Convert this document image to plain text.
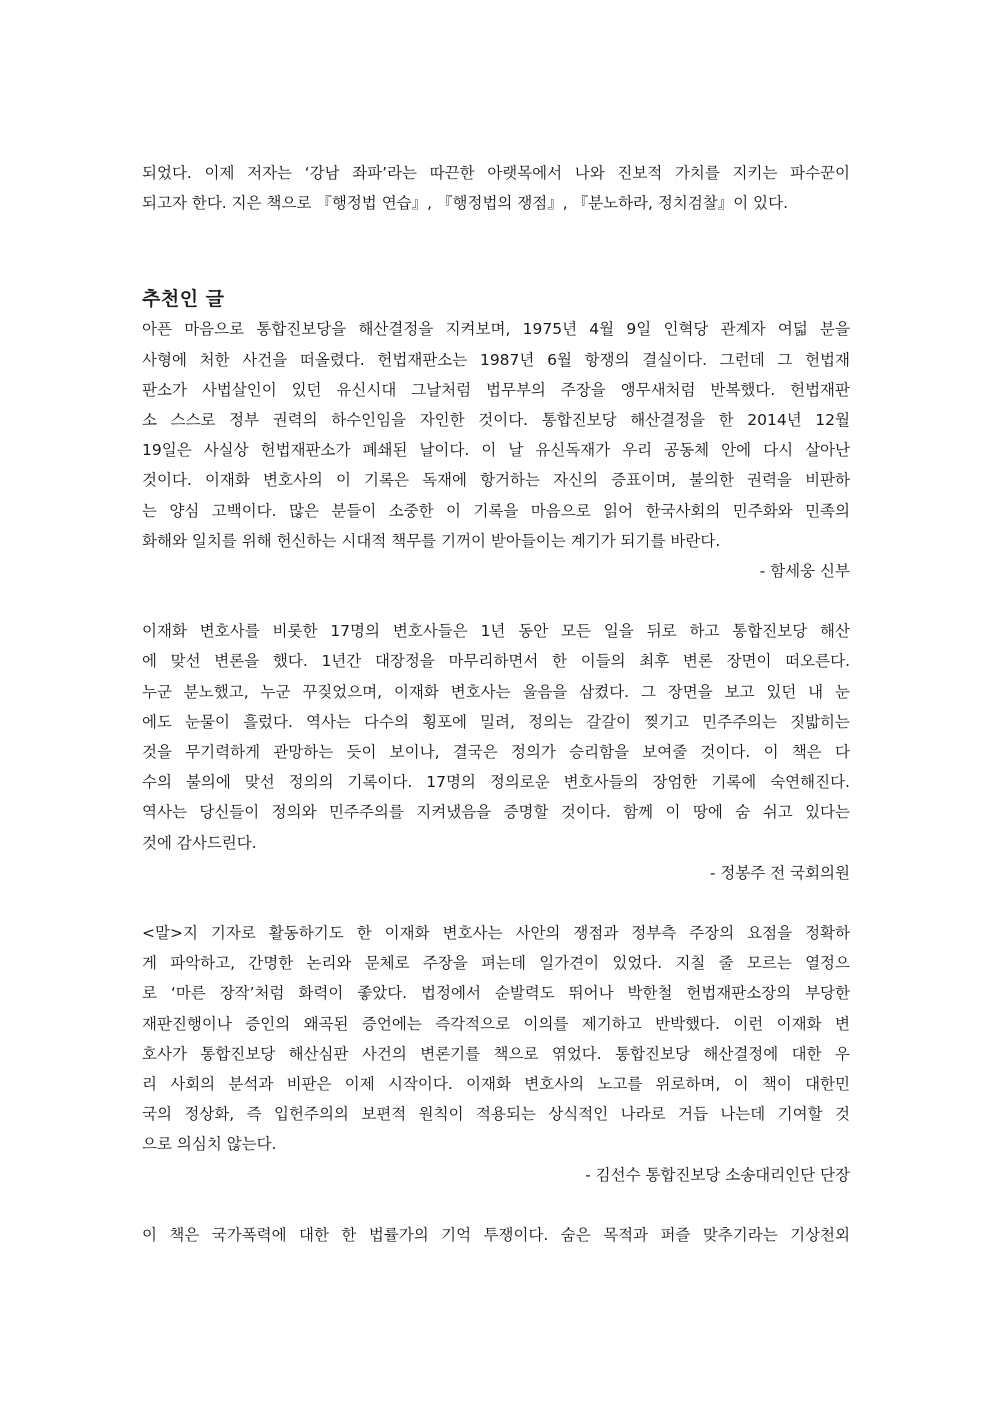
되었다. 이제 저자는 ‘강남 좌파’라는 따끈한 아랫목에서 나와 진보적 가치를 지키는 파수꾼이
되고자 한다. 지은 책으로 『행정법 연습』, 『행정법의 쟁점』, 『분노하라, 정치검찰』이 있다.

추천인 글

아픈 마음으로 통합진보당을 해산결정을 지켜보며, 1975년 4월 9일 인혁당 관계자 여덟 분을
사형에 처한 사건을 떠올렸다. 헌법재판소는 1987년 6월 항쟁의 결실이다. 그런데 그 헌법재
판소가 사법살인이 있던 유신시대 그날처럼 법무부의 주장을 앵무새처럼 반복했다. 헌법재판
소 스스로 정부 권력의 하수인임을 자인한 것이다. 통합진보당 해산결정을 한 2014년 12월
19일은 사실상 헌법재판소가 폐쇄된 날이다. 이 날 유신독재가 우리 공동체 안에 다시 살아난
것이다. 이재화 변호사의 이 기록은 독재에 항거하는 자신의 증표이며, 불의한 권력을 비판하
는 양심 고백이다. 많은 분들이 소중한 이 기록을 마음으로 읽어 한국사회의 민주화와 민족의
화해와 일치를 위해 헌신하는 시대적 책무를 기꺼이 받아들이는 계기가 되기를 바란다.

- 함세웅 신부

이재화 변호사를 비롯한 17명의 변호사들은 1년 동안 모든 일을 뒤로 하고 통합진보당 해산
에 맞선 변론을 했다. 1년간 대장정을 마무리하면서 한 이들의 최후 변론 장면이 떠오른다.
누군 분노했고, 누군 꾸짖었으며, 이재화 변호사는 울음을 삼켰다. 그 장면을 보고 있던 내 눈
에도 눈물이 흘렀다. 역사는 다수의 횡포에 밀려, 정의는 갈갈이 찢기고 민주주의는 짓밟히는
것을 무기력하게 관망하는 듯이 보이나, 결국은 정의가 승리함을 보여줄 것이다. 이 책은 다
수의 불의에 맞선 정의의 기록이다. 17명의 정의로운 변호사들의 장엄한 기록에 숙연해진다.
역사는 당신들이 정의와 민주주의를 지켜냈음을 증명할 것이다. 함께 이 땅에 숨 쉬고 있다는
것에 감사드린다.

- 정봉주 전 국회의원

<말>지 기자로 활동하기도 한 이재화 변호사는 사안의 쟁점과 정부측 주장의 요점을 정확하
게 파악하고, 간명한 논리와 문체로 주장을 펴는데 일가견이 있었다. 지칠 줄 모르는 열정으
로 ‘마른 장작’처럼 화력이 좋았다. 법정에서 순발력도 뛰어나 박한철 헌법재판소장의 부당한
재판진행이나 증인의 왜곡된 증언에는 즉각적으로 이의를 제기하고 반박했다. 이런 이재화 변
호사가 통합진보당 해산심판 사건의 변론기를 책으로 엮었다. 통합진보당 해산결정에 대한 우
리 사회의 분석과 비판은 이제 시작이다. 이재화 변호사의 노고를 위로하며, 이 책이 대한민
국의 정상화, 즉 입헌주의의 보편적 원칙이 적용되는 상식적인 나라로 거듭 나는데 기여할 것
으로 의심치 않는다.

- 김선수 통합진보당 소송대리인단 단장

이 책은 국가폭력에 대한 한 법률가의 기억 투쟁이다. 숨은 목적과 퍼즐 맞추기라는 기상천외
